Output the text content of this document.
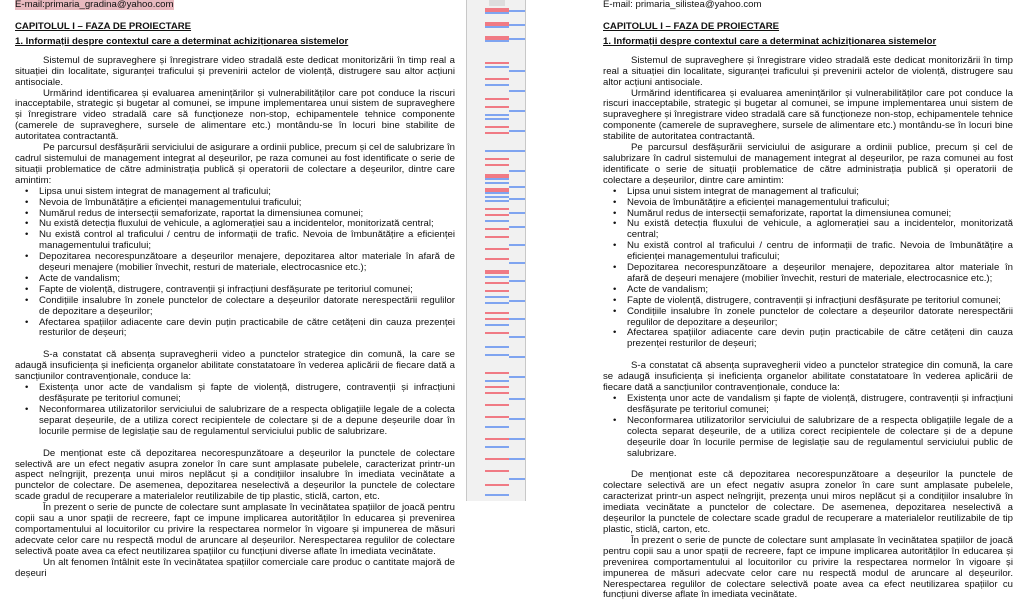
E-mail:primaria_gradina@yahoo.com

CAPITOLUL I – FAZA DE PROIECTARE

1. Informații despre contextul care a determinat achiziționarea sistemelor

Sistemul de supraveghere și înregistrare video stradală este dedicat monitorizării în timp real a situației din localitate, siguranței traficului și prevenirii actelor de violență, distrugere sau altor acțiuni antisociale.

Urmărind identificarea și evaluarea amenințărilor și vulnerabilităților care pot conduce la riscuri inacceptabile, strategic și bugetar al comunei, se impune implementarea unui sistem de supraveghere și înregistrare video stradală care să funcționeze non-stop, echipamentele tehnice componente (camerele de supraveghere, sursele de alimentare etc.) montându-se în locuri bine stabilite de autoritatea contractantă.

Pe parcursul desfășurării serviciului de asigurare a ordinii publice, precum și cel de salubrizare în cadrul sistemului de management integrat al deșeurilor, pe raza comunei au fost identificate o serie de situații problematice de către administrația publică și operatorii de colectare a deșeurilor, dintre care amintim:

• Lipsa unui sistem integrat de management al traficului;
• Nevoia de îmbunătățire a eficienței managementului traficului;
• Numărul redus de intersecții semaforizate, raportat la dimensiunea comunei;
• Nu există detecția fluxului de vehicule, a aglomerației sau a incidentelor, monitorizată central;
• Nu există control al traficului / centru de informații de trafic. Nevoia de îmbunătățire a eficienței managementului traficului;
• Depozitarea necorespunzătoare a deșeurilor menajere, depozitarea altor materiale în afară de deșeuri menajere (mobilier învechit, resturi de materiale, electrocasnice etc.);
• Acte de vandalism;
• Fapte de violență, distrugere, contravenții și infracțiuni desfășurate pe teritoriul comunei;
• Condițiile insalubre în zonele punctelor de colectare a deșeurilor datorate nerespectării regulilor de depozitare a deșeurilor;
• Afectarea spațiilor adiacente care devin puțin practicabile de către cetățeni din cauza prezenței resturilor de deșeuri;

S-a constatat că absența supravegherii video a punctelor strategice din comună, la care se adaugă insuficiența și ineficiența organelor abilitate constatatoare în vederea aplicării de fiecare dată a sancțiunilor contravenționale, conduce la:

• Existența unor acte de vandalism și fapte de violență, distrugere, contravenții și infracțiuni desfășurate pe teritoriul comunei;
• Neconformarea utilizatorilor serviciului de salubrizare de a respecta obligațiile legale de a colecta separat deșeurile, de a utiliza corect recipientele de colectare și de a depune deșeurile doar în locurile permise de legislație sau de regulamentul serviciului public de salubrizare.

De menționat este că depozitarea necorespunzătoare a deșeurilor la punctele de colectare selectivă are un efect negativ asupra zonelor în care sunt amplasate pubelele, caracterizat printr-un aspect neîngrijit, prezența unui miros neplăcut și a condițiilor insalubre în imediata vecinătate a punctelor de colectare. De asemenea, depozitarea neselectivă a deșeurilor la punctele de colectare scade gradul de recuperare a materialelor reutilizabile de tip plastic, sticlă, carton, etc.

În prezent o serie de puncte de colectare sunt amplasate în vecinătatea spațiilor de joacă pentru copii sau a unor spații de recreere, fapt ce impune implicarea autorităților în educarea și prevenirea comportamentului al locuitorilor cu privire la respectarea normelor în vigoare și impunerea de măsuri adecvate celor care nu respectă modul de aruncare al deșeurilor. Nerespectarea regulilor de colectare selectivă poate avea ca efect neutilizarea spațiilor cu funcțiuni diverse aflate în imediata vecinătate.

Un alt fenomen întâlnit este în vecinătatea spațiilor comerciale care produc o cantitate majoră de deșeuri

E-mail: primaria_silistea@yahoo.com

CAPITOLUL I – FAZA DE PROIECTARE

1. Informații despre contextul care a determinat achiziționarea sistemelor

Sistemul de supraveghere și înregistrare video stradală este dedicat monitorizării în timp real a situației din localitate, siguranței traficului și prevenirii actelor de violență, distrugere sau altor acțiuni antisociale.

Urmărind identificarea și evaluarea amenințărilor și vulnerabilităților care pot conduce la riscuri inacceptabile, strategic și bugetar al comunei, se impune implementarea unui sistem de supraveghere și înregistrare video stradală care să funcționeze non-stop, echipamentele tehnice componente (camerele de supraveghere, sursele de alimentare etc.) montându-se în locuri bine stabilite de autoritatea contractantă.

Pe parcursul desfășurării serviciului de asigurare a ordinii publice, precum și cel de salubrizare în cadrul sistemului de management integrat al deșeurilor, pe raza comunei au fost identificate o serie de situații problematice de către administrația publică și operatorii de colectare a deșeurilor, dintre care amintim:

• Lipsa unui sistem integrat de management al traficului;
• Nevoia de îmbunătățire a eficienței managementului traficului;
• Numărul redus de intersecții semaforizate, raportat la dimensiunea comunei;
• Nu există detecția fluxului de vehicule, a aglomerației sau a incidentelor, monitorizată central;
• Nu există control al traficului / centru de informații de trafic. Nevoia de îmbunătățire a eficienței managementului traficului;
• Depozitarea necorespunzătoare a deșeurilor menajere, depozitarea altor materiale în afară de deșeuri menajere (mobilier învechit, resturi de materiale, electrocasnice etc.);
• Acte de vandalism;
• Fapte de violență, distrugere, contravenții și infracțiuni desfășurate pe teritoriul comunei;
• Condițiile insalubre în zonele punctelor de colectare a deșeurilor datorate nerespectării regulilor de depozitare a deșeurilor;
• Afectarea spațiilor adiacente care devin puțin practicabile de către cetățeni din cauza prezenței resturilor de deșeuri;

S-a constatat că absența supravegherii video a punctelor strategice din comună, la care se adaugă insuficiența și ineficiența organelor abilitate constatatoare în vederea aplicării de fiecare dată a sancțiunilor contravenționale, conduce la:

• Existența unor acte de vandalism și fapte de violență, distrugere, contravenții și infracțiuni desfășurate pe teritoriul comunei;
• Neconformarea utilizatorilor serviciului de salubrizare de a respecta obligațiile legale de a colecta separat deșeurile, de a utiliza corect recipientele de colectare și de a depune deșeurile doar în locurile permise de legislație sau de regulamentul serviciului public de salubrizare.

De menționat este că depozitarea necorespunzătoare a deșeurilor la punctele de colectare selectivă are un efect negativ asupra zonelor în care sunt amplasate pubelele, caracterizat printr-un aspect neîngrijit, prezența unui miros neplăcut și a condițiilor insalubre în imediata vecinătate a punctelor de colectare. De asemenea, depozitarea neselectivă a deșeurilor la punctele de colectare scade gradul de recuperare a materialelor reutilizabile de tip plastic, sticlă, carton, etc.

În prezent o serie de puncte de colectare sunt amplasate în vecinătatea spațiilor de joacă pentru copii sau a unor spații de recreere, fapt ce impune implicarea autorităților în educarea și prevenirea comportamentului al locuitorilor cu privire la respectarea normelor în vigoare și impunerea de măsuri adecvate celor care nu respectă modul de aruncare al deșeurilor. Nerespectarea regulilor de colectare selectivă poate avea ca efect neutilizarea spațiilor cu funcțiuni diverse aflate în imediata vecinătate.
